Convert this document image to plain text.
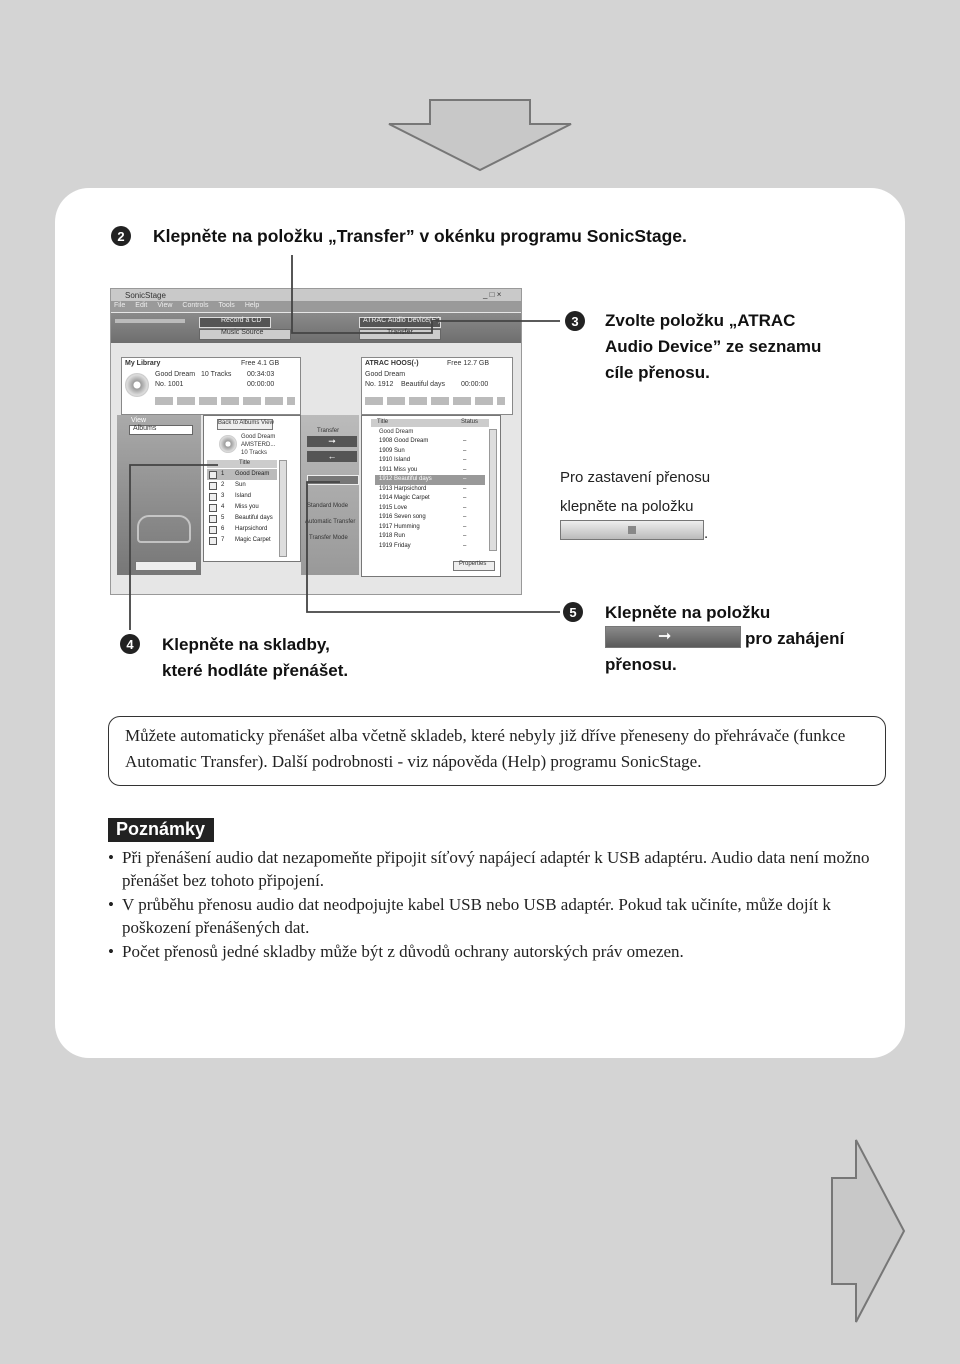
2	Klepněte na položku „Transfer” v okénku programu SonicStage.
SonicStage	_ □ ×
File Edit View Controls Tools Help
Record a CD
Music Source
ATRAC Audio Device(E:)
Transfer
My Library	Free 4.1 GB
Good Dream 10 Tracks 00:34:03
No. 1001	00:00:00
ATRAC HOOS(-)	Free 12.7 GB
Good Dream
No. 1912 Beautiful days 00:00:00
View
Albums
Back to Albums View
Good Dream
AMSTERD...
10 Tracks
Title
1 Good Dream
2 Sun
3 Island
4 Miss you
5 Beautiful days
6 Harpsichord
7 Magic Carpet
Transfer
➞
←
Standard Mode
Automatic Transfer
Transfer Mode
Title	Status
Good Dream
1908 Good Dream	–
1909 Sun	–
1910 Island	–
1911 Miss you	–
1912 Beautiful days	–
1913 Harpsichord	–
1914 Magic Carpet	–
1915 Love	–
1916 Seven song	–
1917 Humming	–
1918 Run	–
1919 Friday	–
Properties
3	Zvolte položku „ATRAC
Audio Device” ze seznamu
cíle přenosu.
Pro zastavení přenosu
klepněte na položku
.
4	Klepněte na skladby,
které hodláte přenášet.
5	Klepněte na položku
➞	pro zahájení
přenosu.

Můžete automaticky přenášet alba včetně skladeb, které nebyly již dříve přeneseny do přehrávače (funkce Automatic Transfer). Další podrobnosti - viz nápověda (Help) programu SonicStage.

Poznámky
• Při přenášení audio dat nezapomeňte připojit síťový napájecí adaptér k USB adaptéru. Audio data není možno přenášet bez tohoto připojení.
• V průběhu přenosu audio dat neodpojujte kabel USB nebo USB adaptér. Pokud tak učiníte, může dojít k poškození přenášených dat.
• Počet přenosů jedné skladby může být z důvodů ochrany autorských práv omezen.
